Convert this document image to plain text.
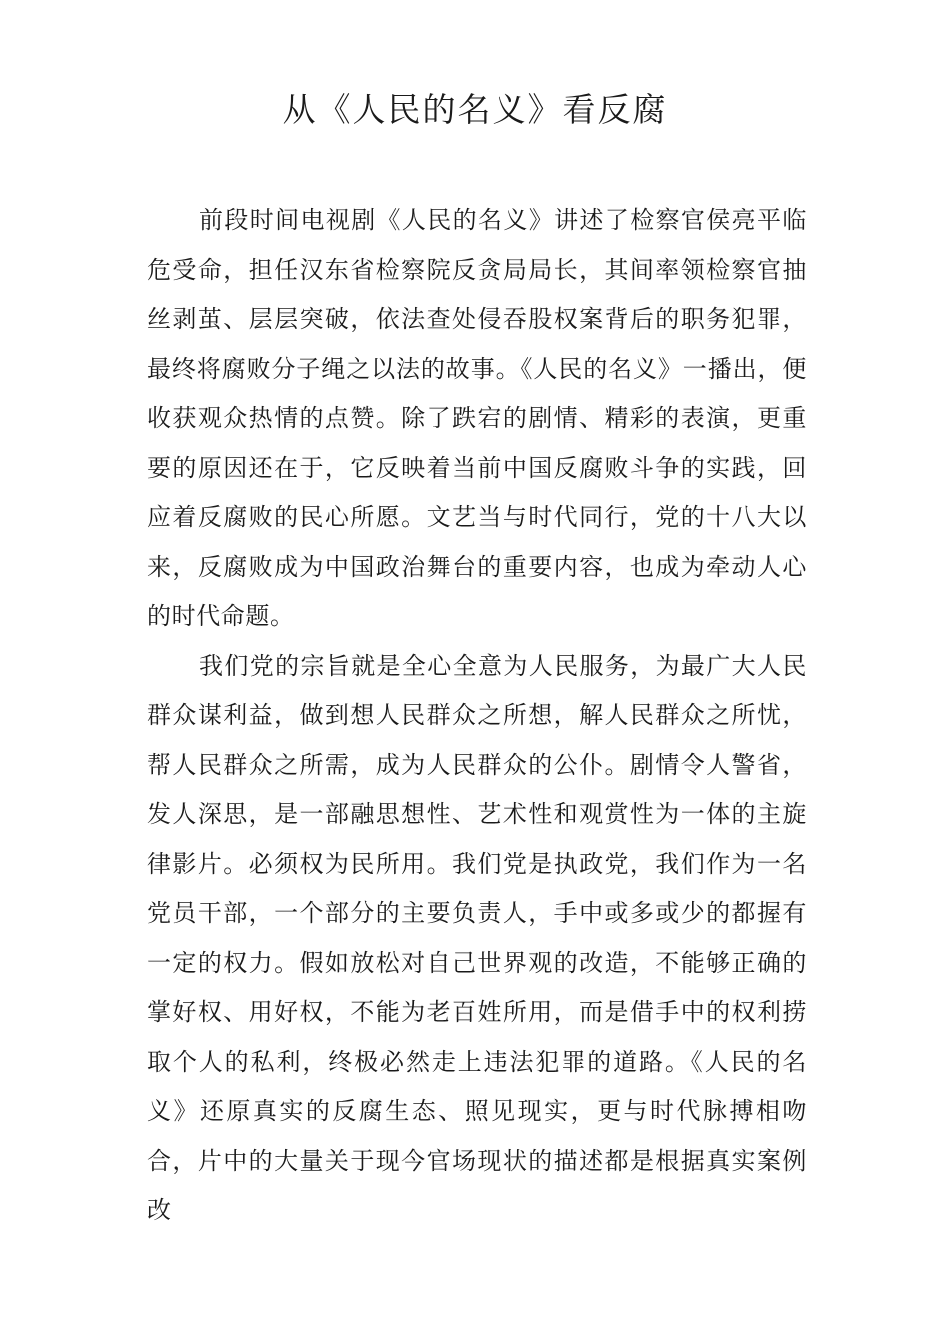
从《人民的名义》看反腐

前段时间电视剧《人民的名义》讲述了检察官侯亮平临危受命，担任汉东省检察院反贪局局长，其间率领检察官抽丝剥茧、层层突破，依法查处侵吞股权案背后的职务犯罪，最终将腐败分子绳之以法的故事。《人民的名义》一播出，便收获观众热情的点赞。除了跌宕的剧情、精彩的表演，更重要的原因还在于，它反映着当前中国反腐败斗争的实践，回应着反腐败的民心所愿。文艺当与时代同行，党的十八大以来，反腐败成为中国政治舞台的重要内容，也成为牵动人心的时代命题。

我们党的宗旨就是全心全意为人民服务，为最广大人民群众谋利益，做到想人民群众之所想，解人民群众之所忧，帮人民群众之所需，成为人民群众的公仆。剧情令人警省，发人深思，是一部融思想性、艺术性和观赏性为一体的主旋律影片。必须权为民所用。我们党是执政党，我们作为一名党员干部，一个部分的主要负责人，手中或多或少的都握有一定的权力。假如放松对自己世界观的改造，不能够正确的掌好权、用好权，不能为老百姓所用，而是借手中的权利捞取个人的私利，终极必然走上违法犯罪的道路。《人民的名义》还原真实的反腐生态、照见现实，更与时代脉搏相吻合，片中的大量关于现今官场现状的描述都是根据真实案例改
